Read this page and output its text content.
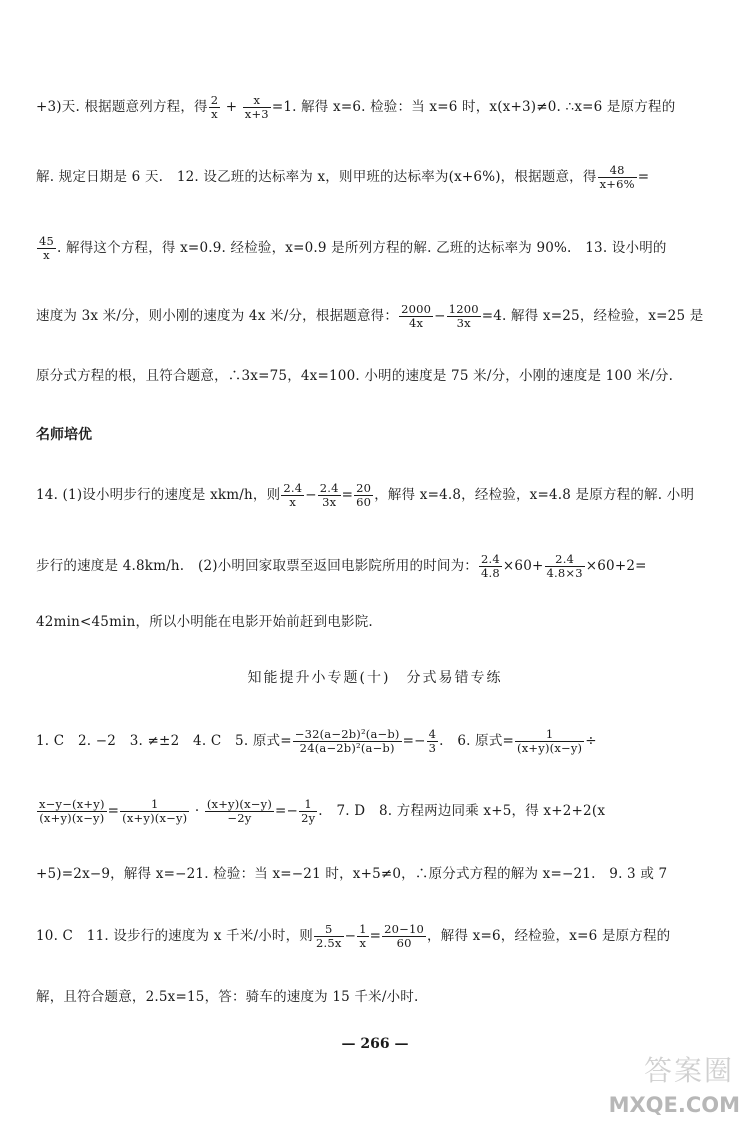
+3)天. 根据题意列方程，得 $\frac{2}{x} + \frac{x}{x+3} =1$. 解得 x=6. 检验：当 x=6 时，x(x+3)≠0. ∴x=6 是原方程的
解. 规定日期是 6 天.　12. 设乙班的达标率为 x，则甲班的达标率为(x+6%)，根据题意，得 $\frac{48}{x+6\%}$ =
$\frac{45}{x}$ . 解得这个方程，得 x=0.9. 经检验，x=0.9 是所列方程的解. 乙班的达标率为 90%.　13. 设小明的
速度为 3x 米/分，则小刚的速度为 4x 米/分，根据题意得： $\frac{2000}{4x} - \frac{1200}{3x} =4$. 解得 x=25，经检验，x=25 是
原分式方程的根，且符合题意，∴3x=75，4x=100. 小明的速度是 75 米/分，小刚的速度是 100 米/分.
名师培优
14. (1)设小明步行的速度是 xkm/h，则 $\frac{2.4}{x} - \frac{2.4}{3x} = \frac{20}{60}$ ，解得 x=4.8，经检验，x=4.8 是原方程的解. 小明
步行的速度是 4.8km/h.　(2)小明回家取票至返回电影院所用的时间为： $\frac{2.4}{4.8} \times 60+ \frac{2.4}{4.8\times 3} \times 60+2=$
42min<45min，所以小明能在电影开始前赶到电影院.
知能提升小专题(十)　分式易错专练
1. C　2. −2　3. ≠±2　4. C　5. 原式= $\frac{\text{−32(a−2b)²(a−b)}}{\text{24(a−2b)²(a−b)}} =- \frac{4}{3}$ .　6. 原式= $\frac{1}{(x+y)(x-y)}$ ÷
$\frac{x-y-(x+y)}{(x+y)(x-y)} = \frac{1}{(x+y)(x-y)} \cdot \frac{(x+y)(x-y)}{-2y} =- \frac{1}{2y}$ .　7. D　8. 方程两边同乘 x+5，得 x+2+2(x
+5)=2x−9，解得 x=−21. 检验：当 x=−21 时，x+5≠0，∴原分式方程的解为 x=−21.　9. 3 或 7
10. C　11. 设步行的速度为 x 千米/小时，则 $\frac{5}{2.5x} - \frac{1}{x} = \frac{20-10}{60}$ ，解得 x=6，经检验，x=6 是原方程的
解，且符合题意，2.5x=15，答：骑车的速度为 15 千米/小时.
— 266 —
答案圈
MXQE.COM
